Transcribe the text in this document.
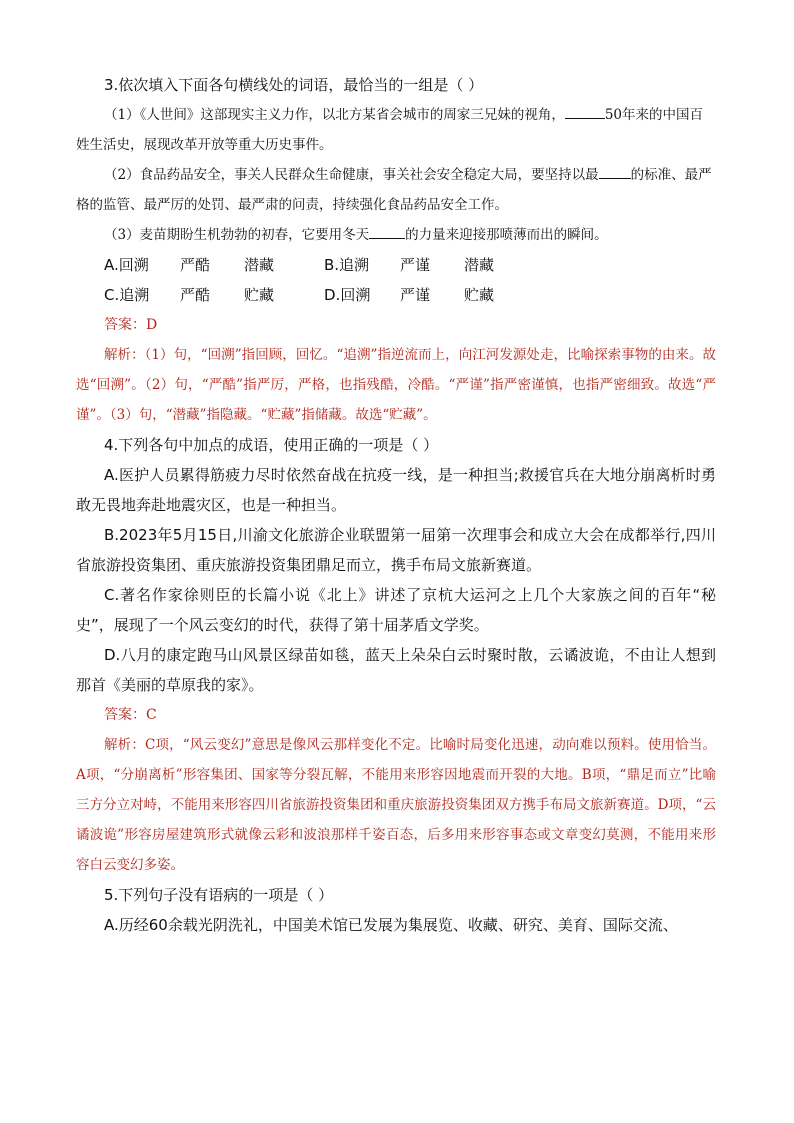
3.依次填入下面各句横线处的词语，最恰当的一组是（ ）

（1）《人世间》这部现实主义力作，以北方某省会城市的周家三兄妹的视角，	50年来的中国百姓生活史，展现改革开放等重大历史事件。

（2）食品药品安全，事关人民群众生命健康，事关社会安全稳定大局，要坚持以最 的标准、最严格的监管、最严厉的处罚、最严肃的问责，持续强化食品药品安全工作。

（3）麦苗期盼生机勃勃的初春，它要用冬天	的力量来迎接那喷薄而出的瞬间。

A.回溯 严酷 潜藏	B.追溯 严谨 潜藏

C.追溯 严酷 贮藏	D.回溯 严谨 贮藏

答案：D

解析：（1）句，“回溯”指回顾，回忆。“追溯”指逆流而上，向江河发源处走，比喻探索事物的由来。故选“回溯”。（2）句，“严酷”指严厉，严格，也指残酷，冷酷。“严谨”指严密谨慎，也指严密细致。故选“严谨”。（3）句，“潜藏”指隐藏。“贮藏”指储藏。故选“贮藏”。

4.下列各句中加点的成语，使用正确的一项是（ ）

A.医护人员累得筋疲力尽时依然奋战在抗疫一线，是一种担当;救援官兵在大地分崩离析时勇敢无畏地奔赴地震灾区，也是一种担当。

B.2023年5月15日,川渝文化旅游企业联盟第一届第一次理事会和成立大会在成都举行,四川省旅游投资集团、重庆旅游投资集团鼎足而立，携手布局文旅新赛道。

C.著名作家徐则臣的长篇小说《北上》讲述了京杭大运河之上几个大家族之间的百年“秘史”，展现了一个风云变幻的时代，获得了第十届茅盾文学奖。

D.八月的康定跑马山风景区绿苗如毯，蓝天上朵朵白云时聚时散，云谲波诡，不由让人想到那首《美丽的草原我的家》。

答案：C

解析：C项，“风云变幻”意思是像风云那样变化不定。比喻时局变化迅速，动向难以预料。使用恰当。A项，“分崩离析”形容集团、国家等分裂瓦解，不能用来形容因地震而开裂的大地。B项，“鼎足而立”比喻三方分立对峙，不能用来形容四川省旅游投资集团和重庆旅游投资集团双方携手布局文旅新赛道。D项，“云谲波诡”形容房屋建筑形式就像云彩和波浪那样千姿百态，后多用来形容事态或文章变幻莫测，不能用来形容白云变幻多姿。

5.下列句子没有语病的一项是（ ）

A.历经60余载光阴洗礼，中国美术馆已发展为集展览、收藏、研究、美育、国际交流、
